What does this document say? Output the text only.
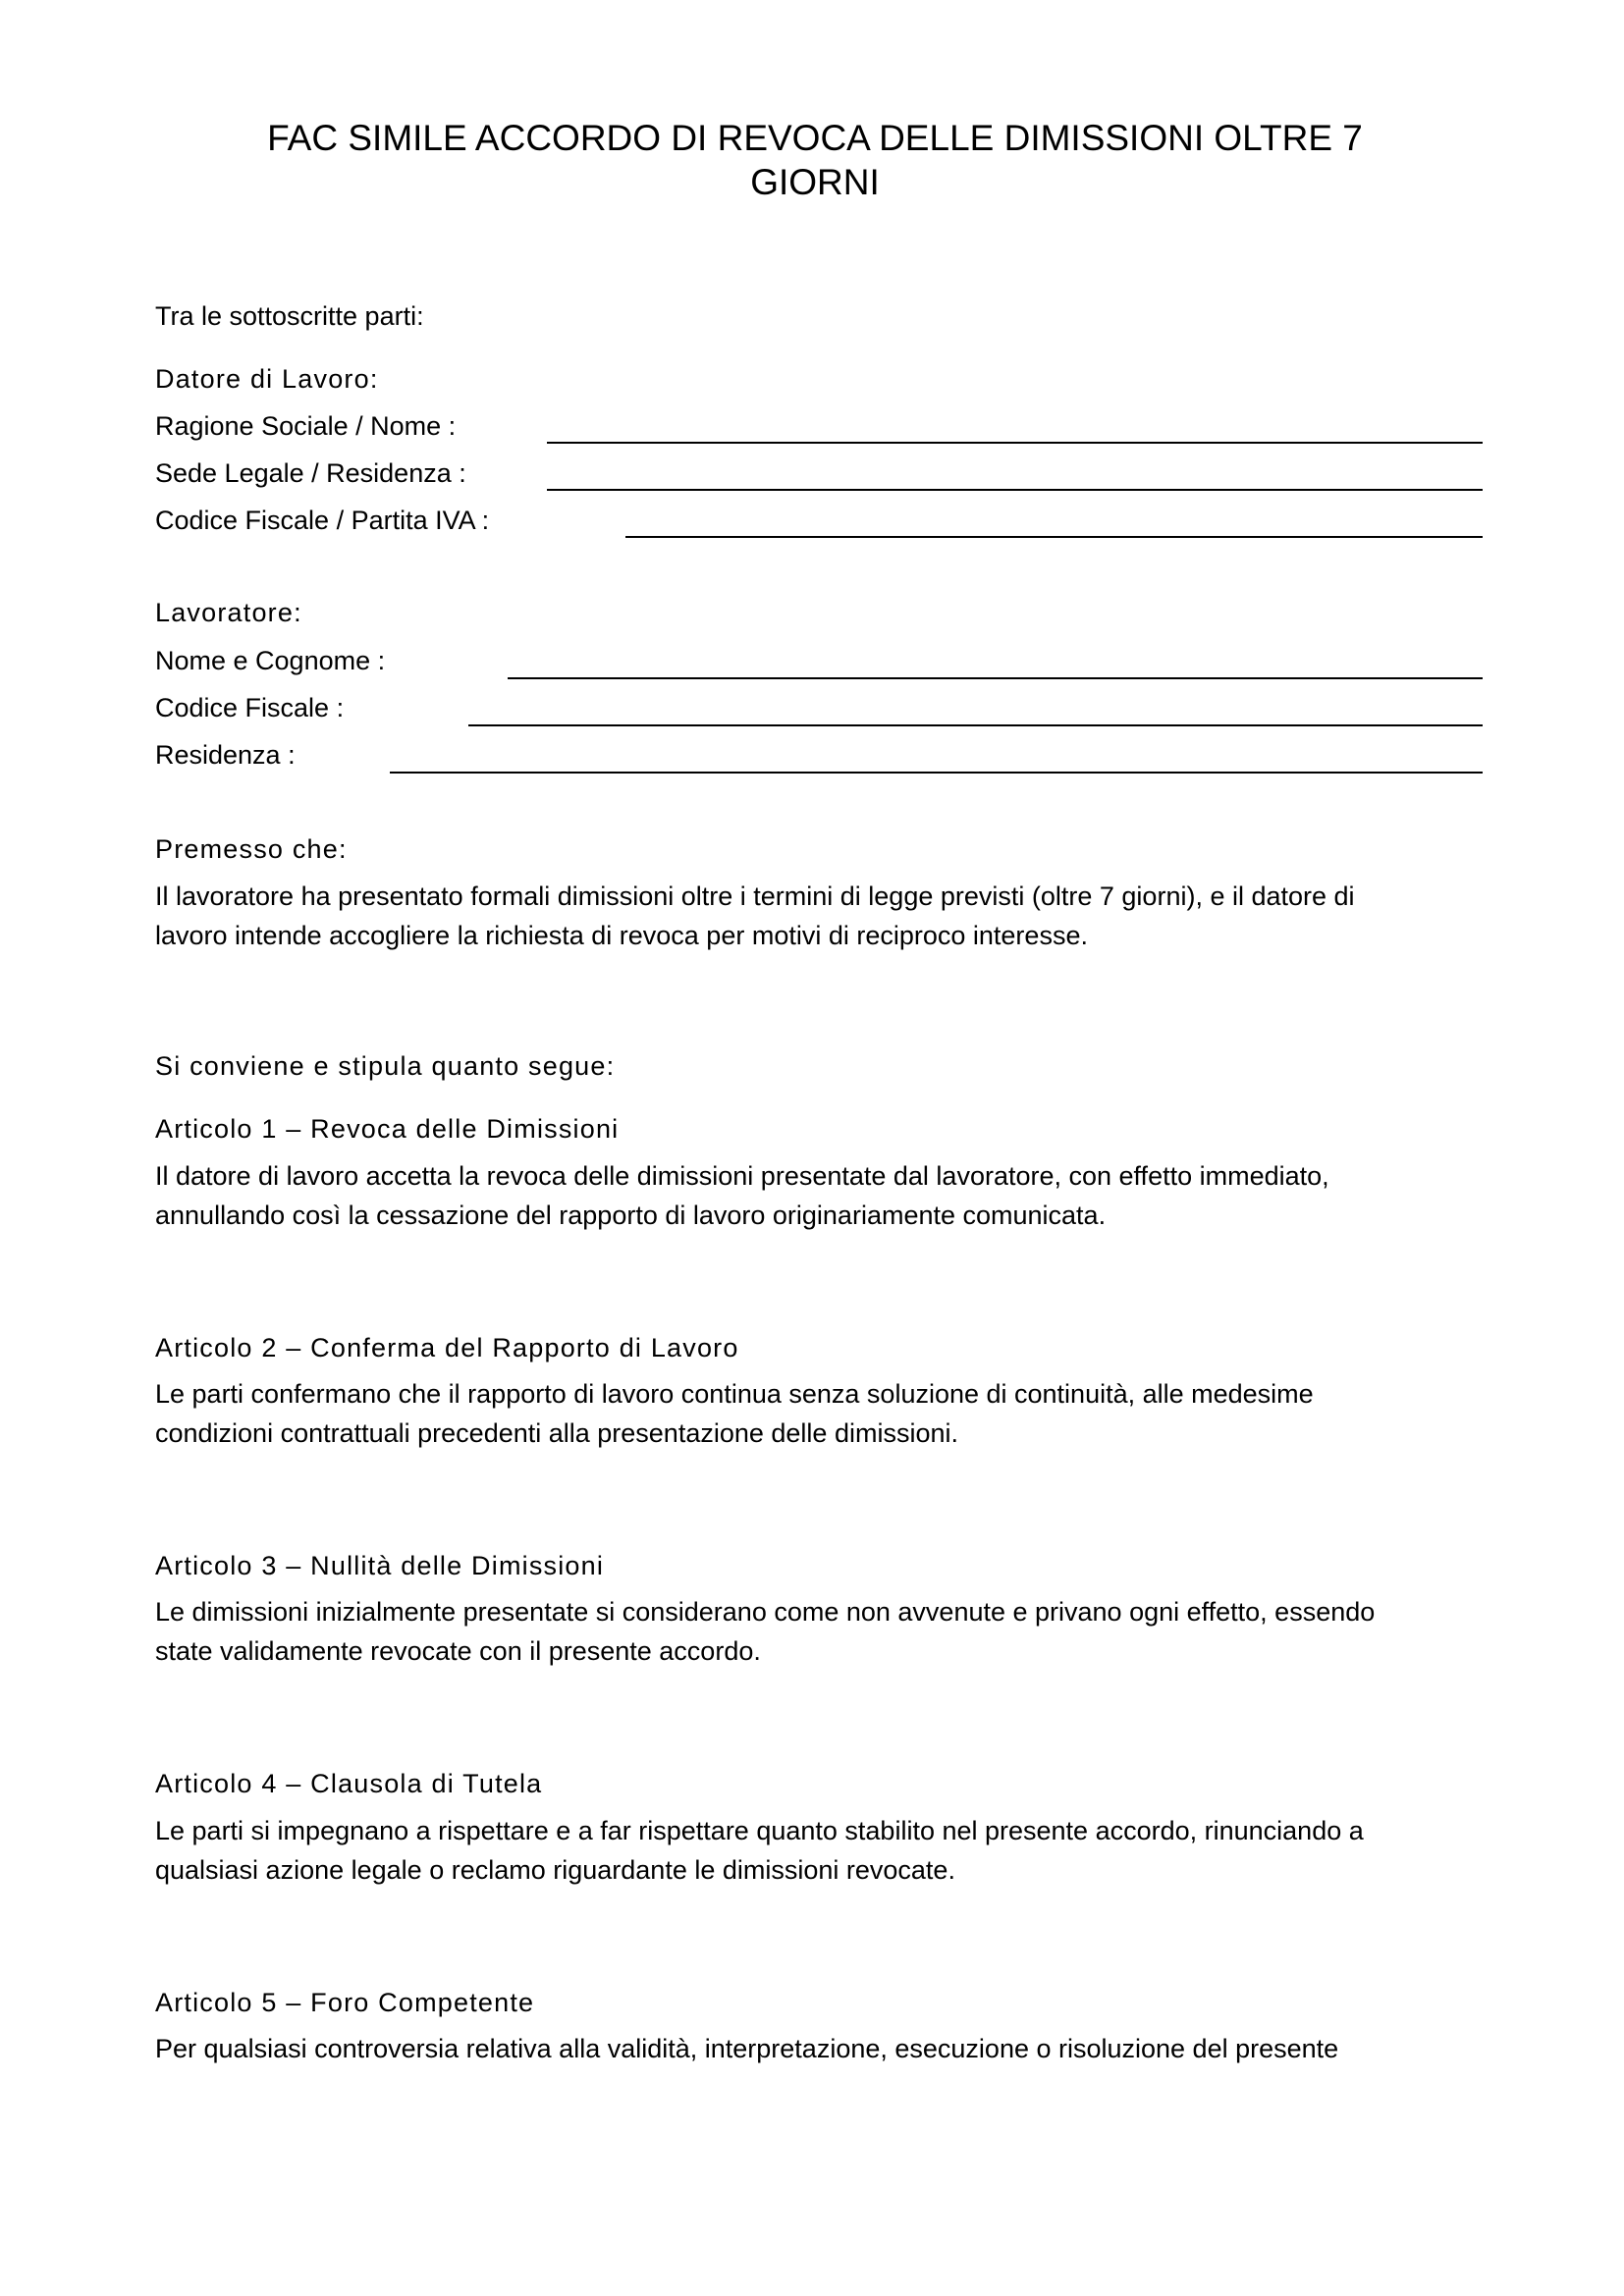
FAC SIMILE ACCORDO DI REVOCA DELLE DIMISSIONI OLTRE 7
GIORNI

Tra le sottoscritte parti:

Datore di Lavoro:

Ragione Sociale / Nome :

Sede Legale / Residenza :

Codice Fiscale / Partita IVA :

Lavoratore:

Nome e Cognome :

Codice Fiscale :

Residenza :

Premesso che:

Il lavoratore ha presentato formali dimissioni oltre i termini di legge previsti (oltre 7 giorni), e il datore di
lavoro intende accogliere la richiesta di revoca per motivi di reciproco interesse.

Si conviene e stipula quanto segue:

Articolo 1 – Revoca delle Dimissioni

Il datore di lavoro accetta la revoca delle dimissioni presentate dal lavoratore, con effetto immediato,
annullando così la cessazione del rapporto di lavoro originariamente comunicata.

Articolo 2 – Conferma del Rapporto di Lavoro

Le parti confermano che il rapporto di lavoro continua senza soluzione di continuità, alle medesime
condizioni contrattuali precedenti alla presentazione delle dimissioni.

Articolo 3 – Nullità delle Dimissioni

Le dimissioni inizialmente presentate si considerano come non avvenute e privano ogni effetto, essendo
state validamente revocate con il presente accordo.

Articolo 4 – Clausola di Tutela

Le parti si impegnano a rispettare e a far rispettare quanto stabilito nel presente accordo, rinunciando a
qualsiasi azione legale o reclamo riguardante le dimissioni revocate.

Articolo 5 – Foro Competente

Per qualsiasi controversia relativa alla validità, interpretazione, esecuzione o risoluzione del presente
